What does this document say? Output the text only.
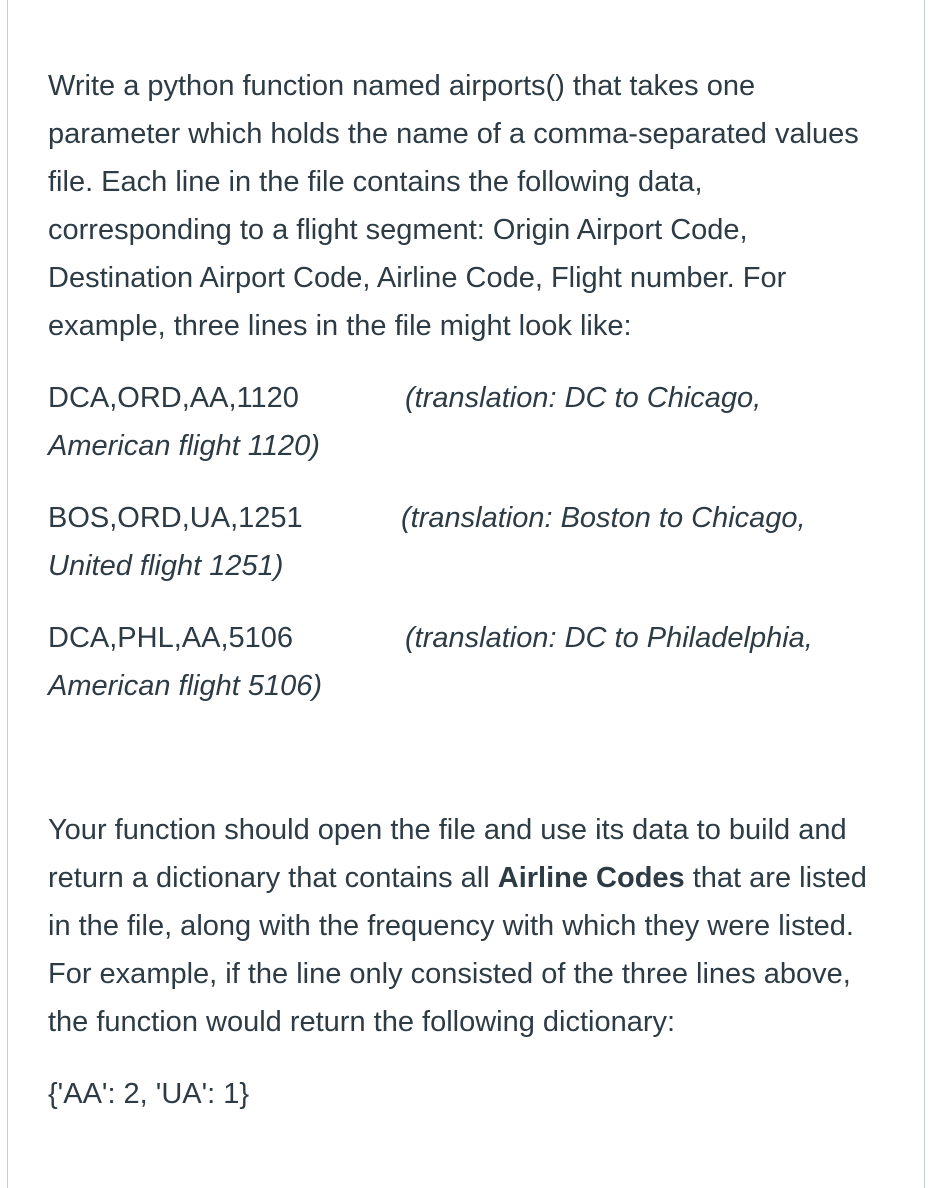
Write a python function named airports() that takes one parameter which holds the name of a comma-separated values file. Each line in the file contains the following data, corresponding to a flight segment: Origin Airport Code, Destination Airport Code, Airline Code, Flight number. For example, three lines in the file might look like:

DCA,ORD,AA,1120	(translation: DC to Chicago,
American flight 1120)
BOS,ORD,UA,1251	(translation: Boston to Chicago,
United flight 1251)
DCA,PHL,AA,5106	(translation: DC to Philadelphia,
American flight 5106)

Your function should open the file and use its data to build and return a dictionary that contains all Airline Codes that are listed in the file, along with the frequency with which they were listed. For example, if the line only consisted of the three lines above, the function would return the following dictionary:

{'AA': 2, 'UA': 1}
